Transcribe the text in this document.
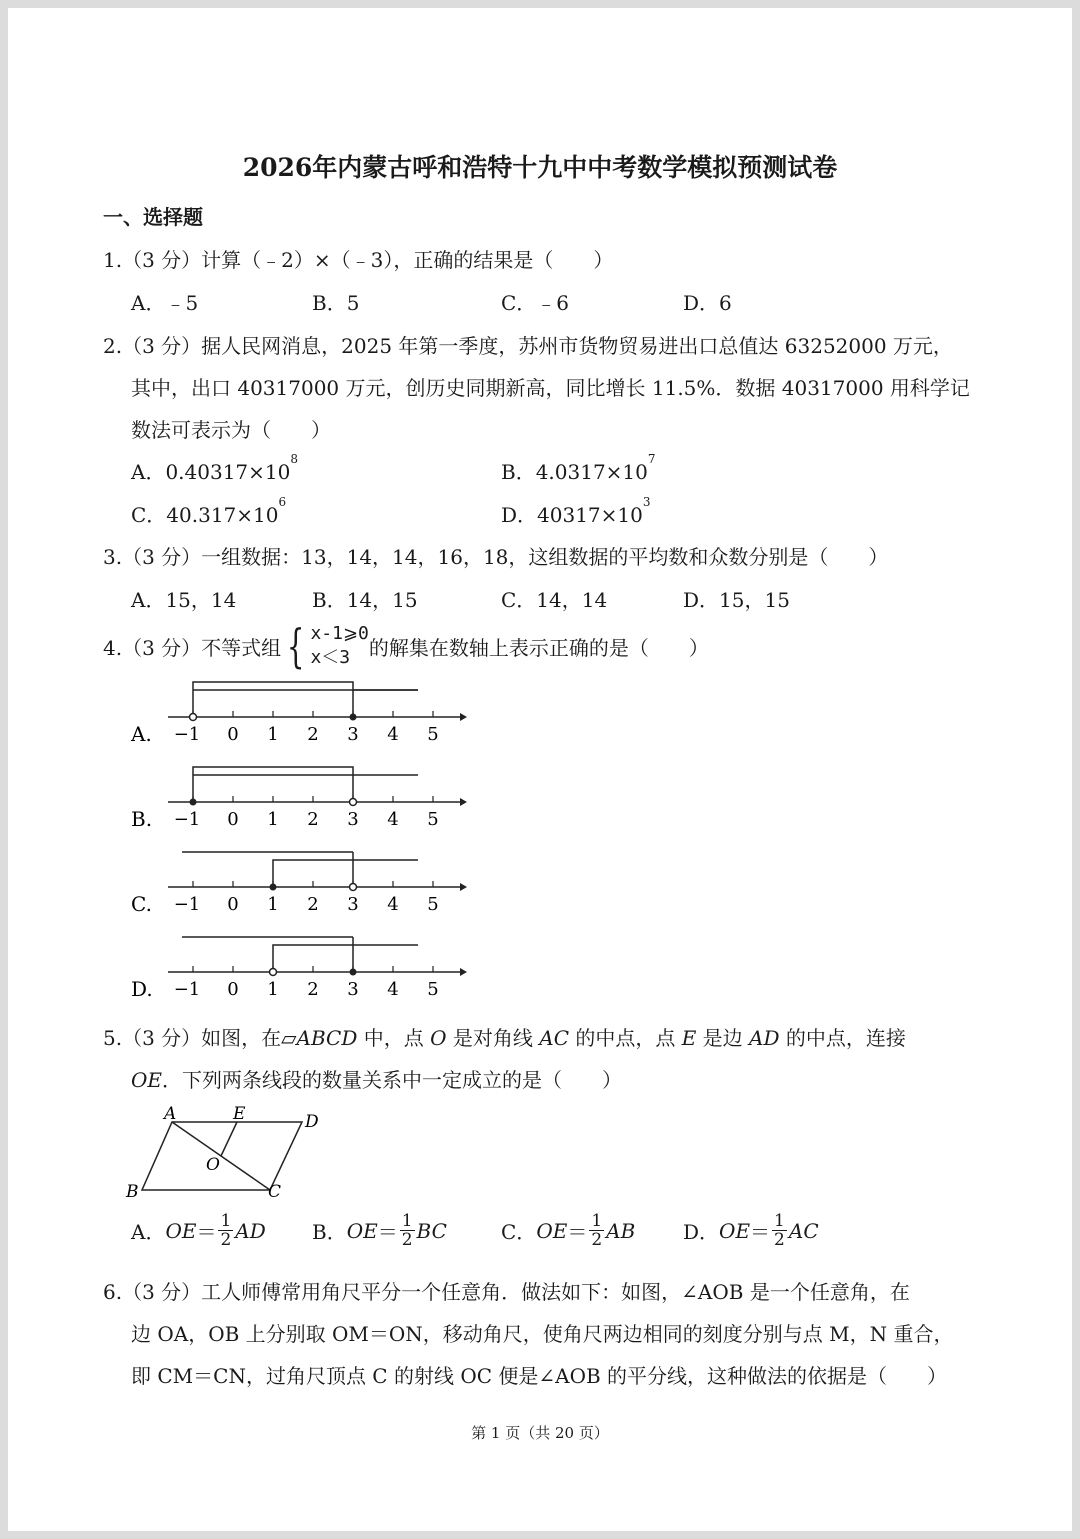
2026年内蒙古呼和浩特十九中中考数学模拟预测试卷
一、选择题
1.（3 分）计算（﹣2）×（﹣3），正确的结果是（　　）
A．﹣5	B．5	C．﹣6	D．6
2.（3 分）据人民网消息，2025 年第一季度，苏州市货物贸易进出口总值达 63252000 万元，
其中，出口 40317000 万元，创历史同期新高，同比增长 11.5%．数据 40317000 用科学记
数法可表示为（　　）
A．$0.40317\times 10^8$
B．$4.0317\times 10^7$
C．$40.317\times 10^6$
D．$40317\times 10^3$
3.（3 分）一组数据：13，14，14，16，18，这组数据的平均数和众数分别是（　　）
A．15，14	B．14，15	C．14，14	D．15，15
4.（3 分）不等式组 { x-1⩾0
x＜3 的解集在数轴上表示正确的是（　　）
A. −1 0 1 2 3 4 5
B. −1 0 1 2 3 4 5
C. −1 0 1 2 3 4 5
D. −1 0 1 2 3 4 5
5.（3 分）如图，在▱ABCD 中，点 O 是对角线 AC 的中点，点 E 是边 AD 的中点，连接
OE．下列两条线段的数量关系中一定成立的是（　　）
A	E	D
O
B	C
A． OE ＝ $\frac{1}{2}$ AD B． OE ＝ $\frac{1}{2}$ BC	C． OE ＝ $\frac{1}{2}$ AB D． OE ＝ $\frac{1}{2}$ AC
6.（3 分）工人师傅常用角尺平分一个任意角．做法如下：如图，∠AOB 是一个任意角，在
边 OA，OB 上分别取 OM＝ON，移动角尺，使角尺两边相同的刻度分别与点 M，N 重合，
即 CM＝CN，过角尺顶点 C 的射线 OC 便是∠AOB 的平分线，这种做法的依据是（　　）
第 1 页（共 20 页）
